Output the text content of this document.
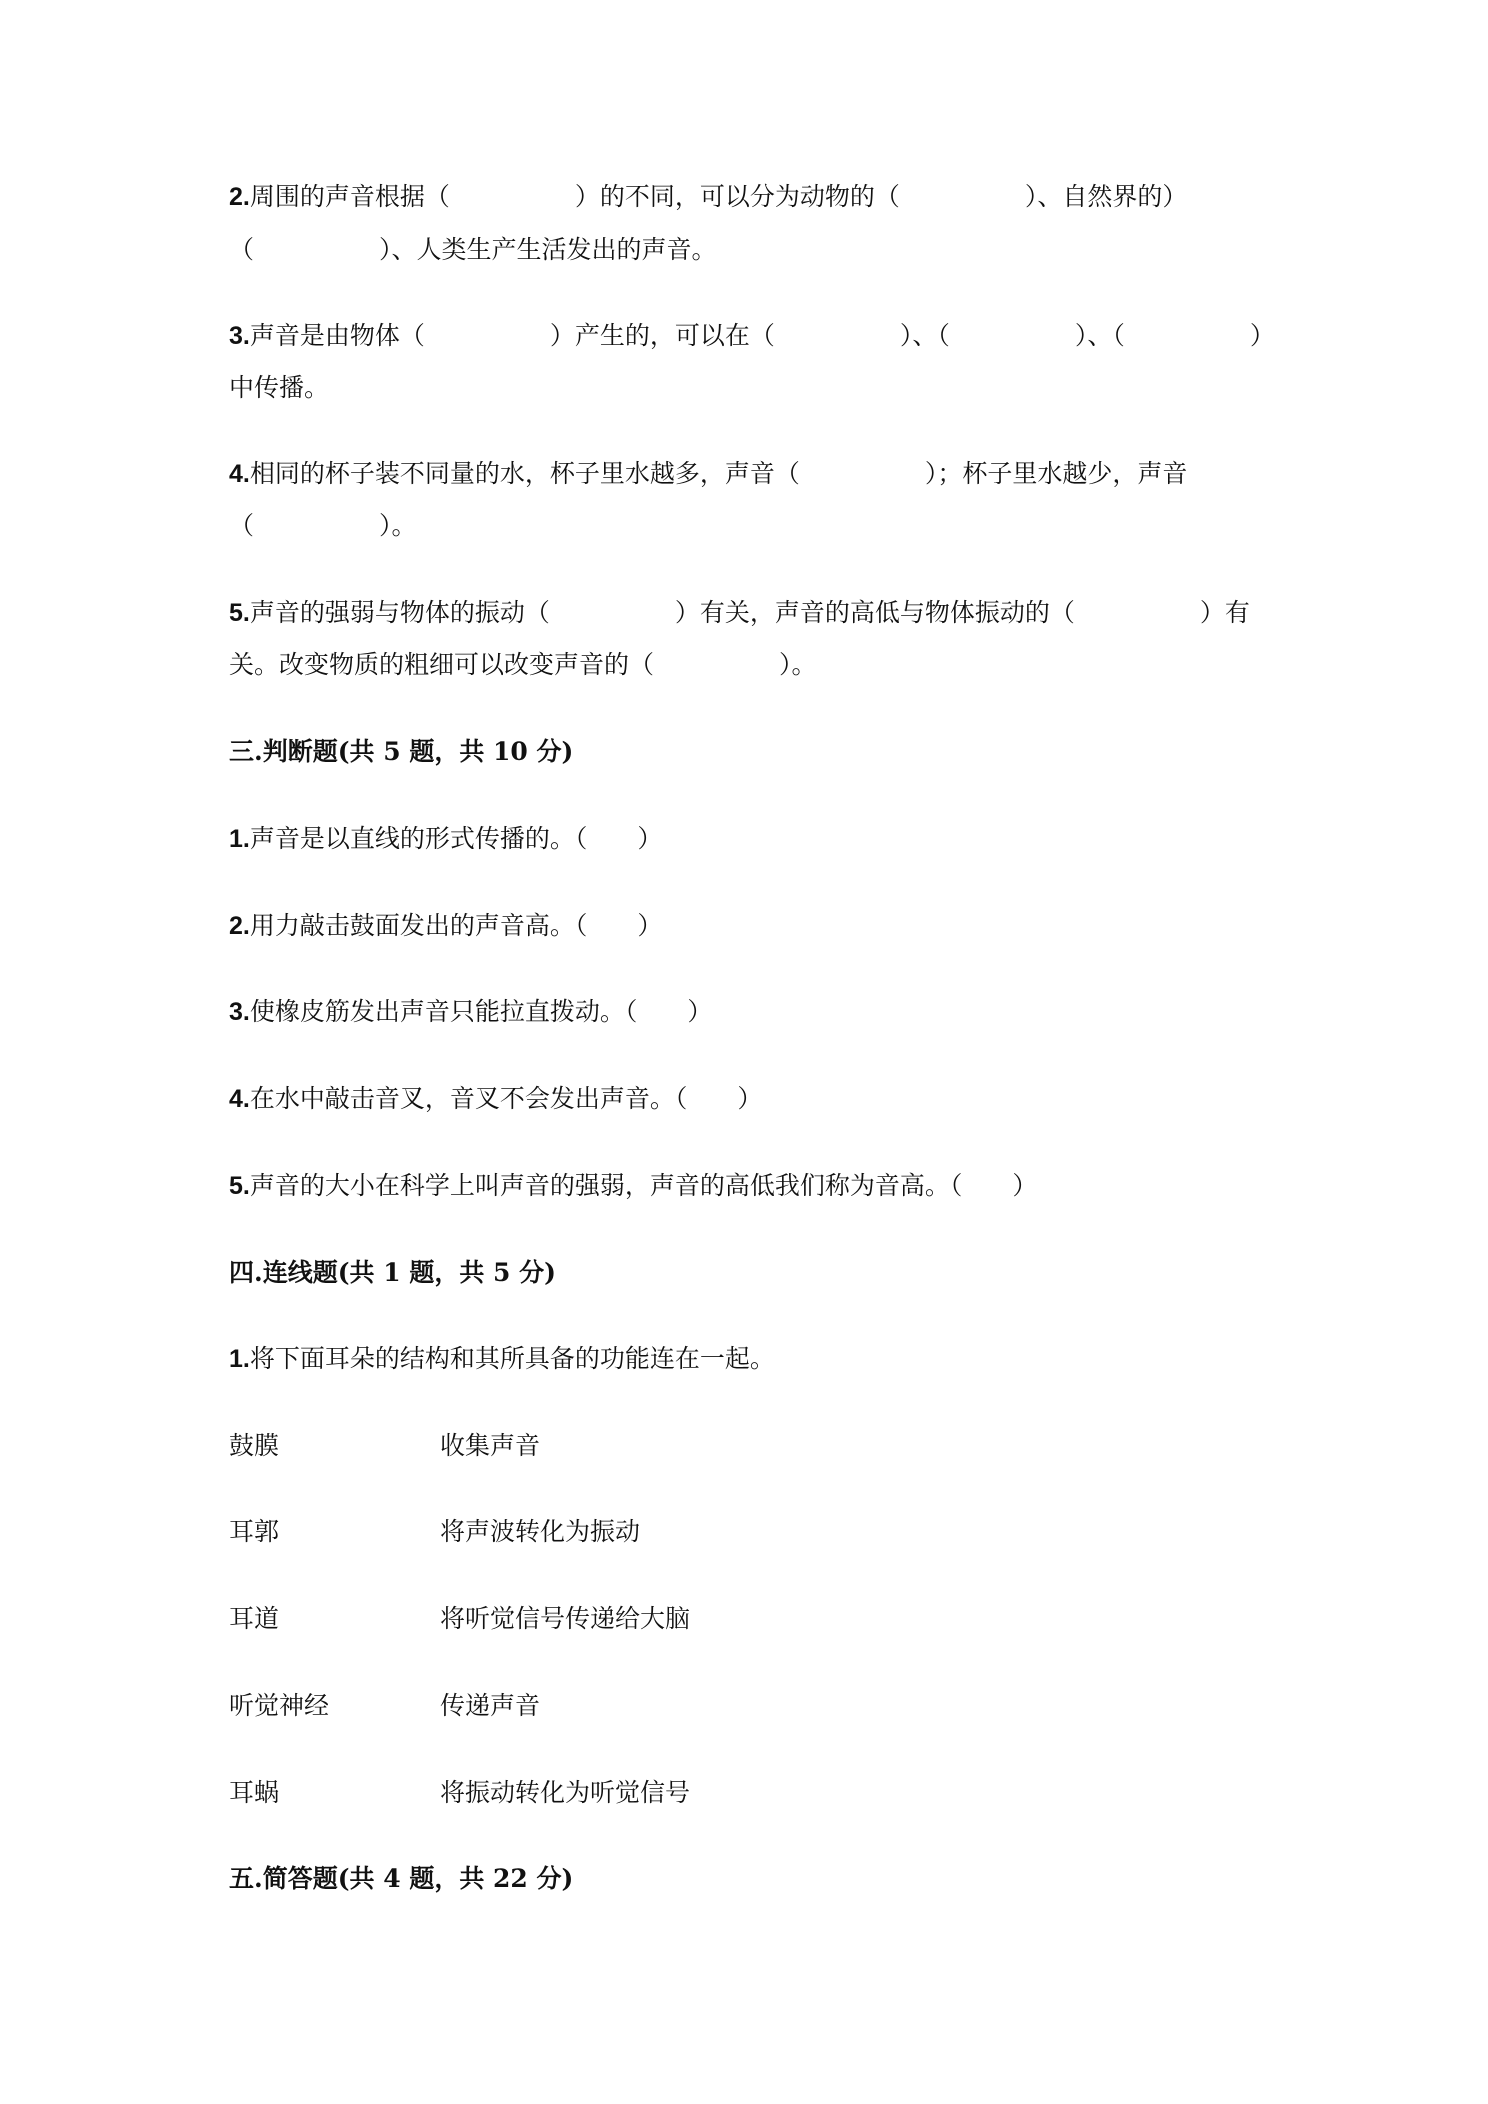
2.周围的声音根据（　　　　　）的不同，可以分为动物的（　　　　　）、自然界的）
（　　　　　）、人类生产生活发出的声音。
3.声音是由物体（　　　　　）产生的，可以在（　　　　　）、（　　　　　）、（　　　　　）
中传播。
4.相同的杯子装不同量的水，杯子里水越多，声音（　　　　　）；杯子里水越少，声音
（　　　　　）。
5.声音的强弱与物体的振动（　　　　　）有关，声音的高低与物体振动的（　　　　　）有
关。改变物质的粗细可以改变声音的（　　　　　）。
三.判断题(共 5 题，共 10 分)
1.声音是以直线的形式传播的。（　　）
2.用力敲击鼓面发出的声音高。（　　）
3.使橡皮筋发出声音只能拉直拨动。（　　）
4.在水中敲击音叉，音叉不会发出声音。（　　）
5.声音的大小在科学上叫声音的强弱，声音的高低我们称为音高。（　　）
四.连线题(共 1 题，共 5 分)
1.将下面耳朵的结构和其所具备的功能连在一起。
鼓膜	收集声音
耳郭	将声波转化为振动
耳道	将听觉信号传递给大脑
听觉神经	传递声音
耳蜗	将振动转化为听觉信号
五.简答题(共 4 题，共 22 分)
